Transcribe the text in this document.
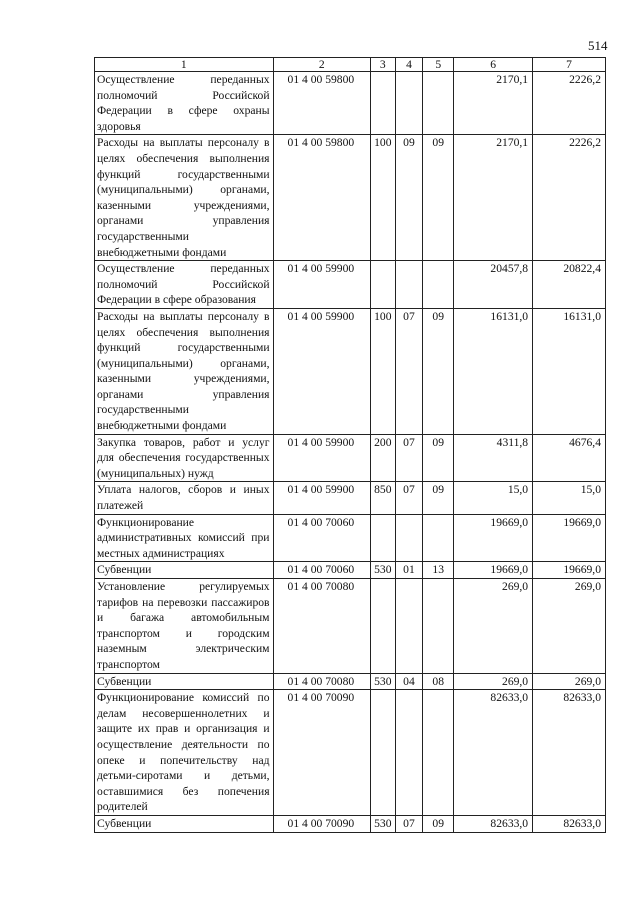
514
1	2	3	4	5	6	7
Осуществление переданных полномочий Российской Федерации в сфере охраны здоровья	01 4 00 59800				2170,1	2226,2
Расходы на выплаты персоналу в целях обеспечения выполнения функций государственными (муниципальными) органами, казенными учреждениями, органами управления государственными внебюджетными фондами	01 4 00 59800	100	09	09	2170,1	2226,2
Осуществление переданных полномочий Российской Федерации в сфере образования	01 4 00 59900				20457,8	20822,4
Расходы на выплаты персоналу в целях обеспечения выполнения функций государственными (муниципальными) органами, казенными учреждениями, органами управления государственными внебюджетными фондами	01 4 00 59900	100	07	09	16131,0	16131,0
Закупка товаров, работ и услуг для обеспечения государственных (муниципальных) нужд	01 4 00 59900	200	07	09	4311,8	4676,4
Уплата налогов, сборов и иных платежей	01 4 00 59900	850	07	09	15,0	15,0
Функционирование административных комиссий при местных администрациях	01 4 00 70060				19669,0	19669,0
Субвенции	01 4 00 70060	530	01	13	19669,0	19669,0
Установление регулируемых тарифов на перевозки пассажиров и багажа автомобильным транспортом и городским наземным электрическим транспортом	01 4 00 70080				269,0	269,0
Субвенции	01 4 00 70080	530	04	08	269,0	269,0
Функционирование комиссий по делам несовершеннолетних и защите их прав и организация и осуществление деятельности по опеке и попечительству над детьми-сиротами и детьми, оставшимися без попечения родителей	01 4 00 70090				82633,0	82633,0
Субвенции	01 4 00 70090	530	07	09	82633,0	82633,0
